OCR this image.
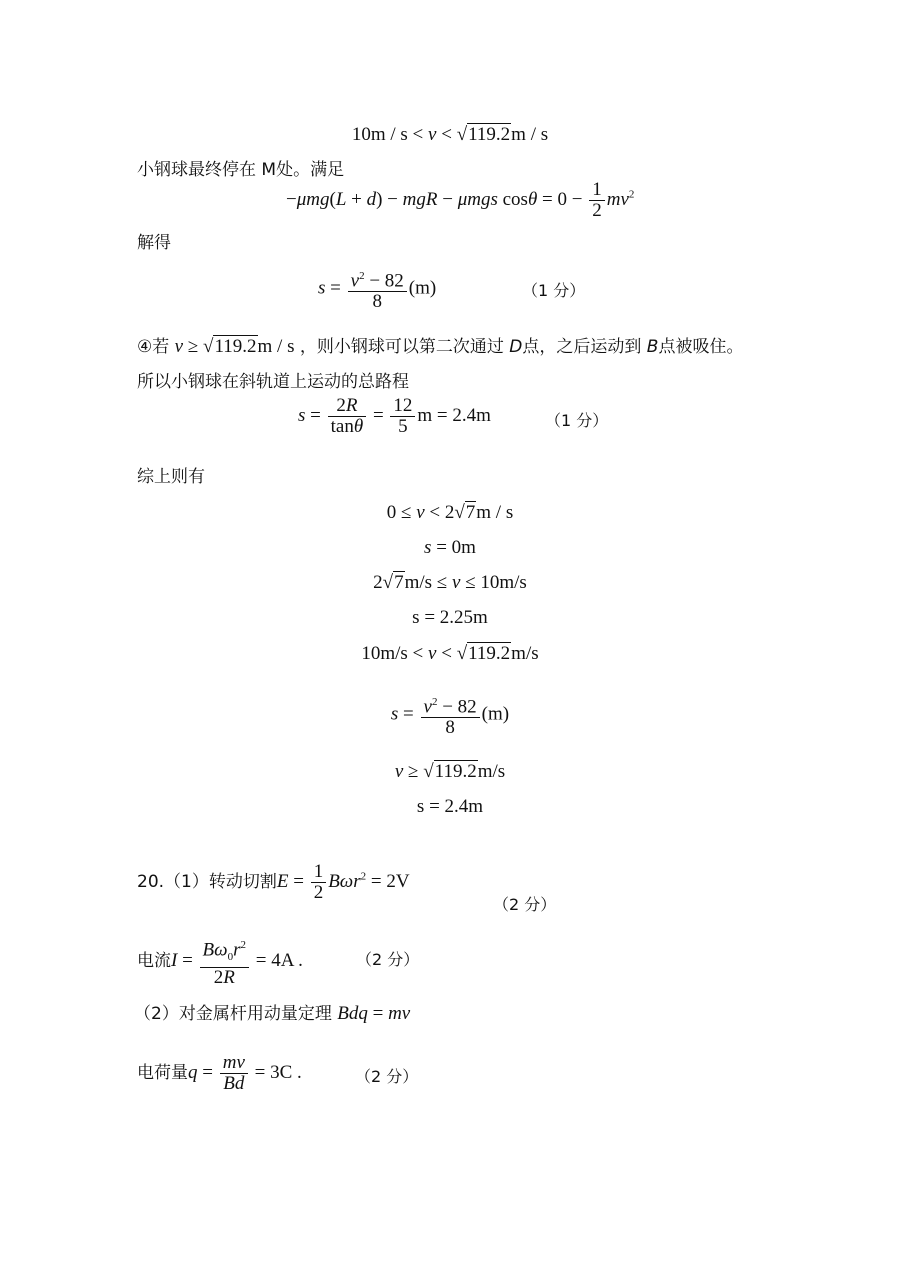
10m / s < v < √119.2m / s
小钢球最终停在 M处。满足
−μmg(L + d) − mgR − μmgs $\cos\theta = 0 - \frac{1}{2} mv^2$
解得
$s = \frac{v^2 - 82}{8} (m)$	（1 分）
④若 v ≥ √119.2m / s ，则小钢球可以第二次通过 D点，之后运动到 B点被吸住。
所以小钢球在斜轨道上运动的总路程
$s = \frac{2R}{\tan\theta} = \frac{12}{5}$ m = 2.4m	（1 分）
综上则有
0 ≤ v < 2√7m / s
s = 0m
2√7m/s ≤ v ≤ 10m/s
s = 2.25m
10m/s < v < √119.2m/s
$s = \frac{v^2 - 82}{8} (m)$
v ≥ √119.2m/s
s = 2.4m
20.（1）转动切割$E = \frac{1}{2} B\omega r^2 = 2V$
（2 分）
电流$I = \frac{B\omega_0r^2}{2R} = 4A$ .	（2 分）
（2）对金属杆用动量定理 Bdq = mv
电荷量$q = \frac{mv}{Bd} = 3C$ .	（2 分）
